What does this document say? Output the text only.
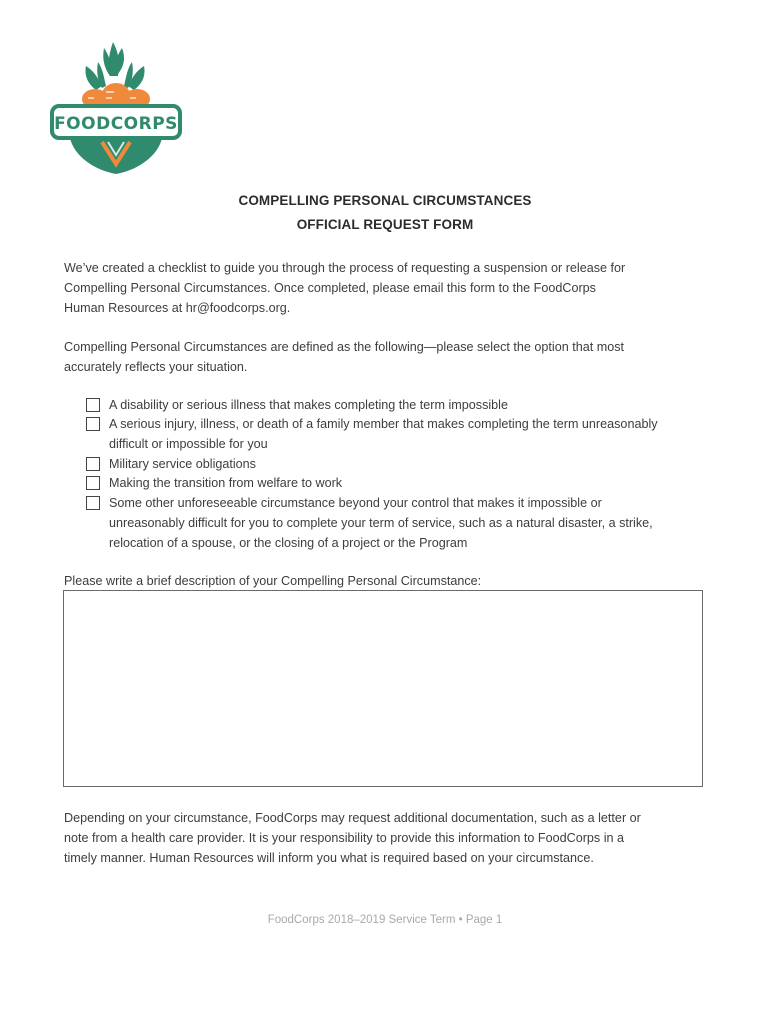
FOODCORPS
COMPELLING PERSONAL CIRCUMSTANCES
OFFICIAL REQUEST FORM
We’ve created a checklist to guide you through the process of requesting a suspension or release for
Compelling Personal Circumstances. Once completed, please email this form to the FoodCorps
Human Resources at hr@foodcorps.org.
Compelling Personal Circumstances are defined as the following—please select the option that most
accurately reflects your situation.
A disability or serious illness that makes completing the term impossible
A serious injury, illness, or death of a family member that makes completing the term unreasonably
difficult or impossible for you
Military service obligations
Making the transition from welfare to work
Some other unforeseeable circumstance beyond your control that makes it impossible or
unreasonably difficult for you to complete your term of service, such as a natural disaster, a strike,
relocation of a spouse, or the closing of a project or the Program
Please write a brief description of your Compelling Personal Circumstance:
Depending on your circumstance, FoodCorps may request additional documentation, such as a letter or
note from a health care provider. It is your responsibility to provide this information to FoodCorps in a
timely manner. Human Resources will inform you what is required based on your circumstance.
FoodCorps 2018–2019 Service Term • Page 1
